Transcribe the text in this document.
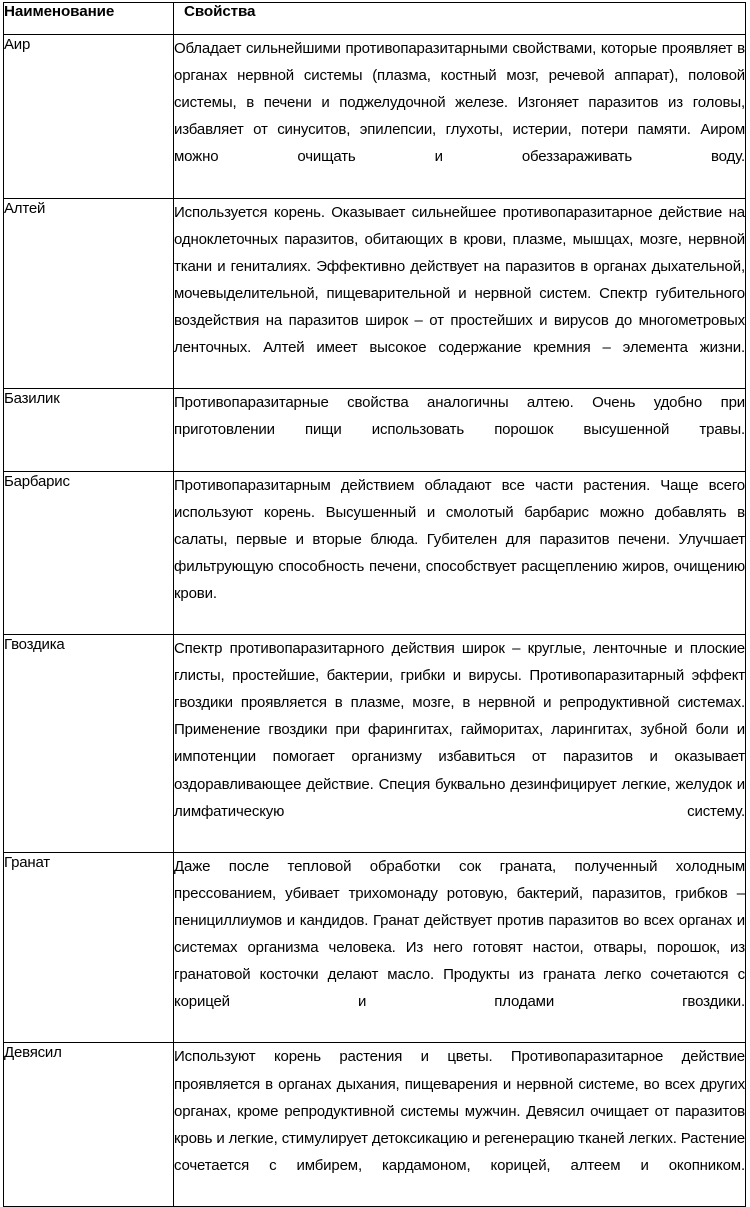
Наименование	Свойства
Аир	Обладает сильнейшими противопаразитарными свойствами, которые проявляет в органах нервной системы (плазма, костный мозг, речевой аппарат), половой системы, в печени и поджелудочной железе. Изгоняет паразитов из головы, избавляет от синуситов, эпилепсии, глухоты, истерии, потери памяти. Аиром можно очищать и обеззараживать воду.

Алтей	Используется корень. Оказывает сильнейшее противопаразитарное действие на одноклеточных паразитов, обитающих в крови, плазме, мышцах, мозге, нервной ткани и гениталиях. Эффективно действует на паразитов в органах дыхательной, мочевыделительной, пищеварительной и нервной систем. Спектр губительного воздействия на паразитов широк – от простейших и вирусов до многометровых ленточных. Алтей имеет высокое содержание кремния – элемента жизни.

Базилик	Противопаразитарные свойства аналогичны алтею. Очень удобно при приготовлении пищи использовать порошок высушенной травы.

Барбарис	Противопаразитарным действием обладают все части растения. Чаще всего используют корень. Высушенный и смолотый барбарис можно добавлять в салаты, первые и вторые блюда. Губителен для паразитов печени. Улучшает фильтрующую способность печени, способствует расщеплению жиров, очищению крови.

Гвоздика	Спектр противопаразитарного действия широк – круглые, ленточные и плоские глисты, простейшие, бактерии, грибки и вирусы. Противопаразитарный эффект гвоздики проявляется в плазме, мозге, в нервной и репродуктивной системах. Применение гвоздики при фарингитах, гайморитах, ларингитах, зубной боли и импотенции помогает организму избавиться от паразитов и оказывает оздоравливающее действие. Специя буквально дезинфицирует легкие, желудок и лимфатическую систему.

Гранат	Даже после тепловой обработки сок граната, полученный холодным прессованием, убивает трихомонаду ротовую, бактерий, паразитов, грибков – пенициллиумов и кандидов. Гранат действует против паразитов во всех органах и системах организма человека. Из него готовят настои, отвары, порошок, из гранатовой косточки делают масло. Продукты из граната легко сочетаются с корицей и плодами гвоздики.

Девясил	Используют корень растения и цветы. Противопаразитарное действие проявляется в органах дыхания, пищеварения и нервной системе, во всех других органах, кроме репродуктивной системы мужчин. Девясил очищает от паразитов кровь и легкие, стимулирует детоксикацию и регенерацию тканей легких. Растение сочетается с имбирем, кардамоном, корицей, алтеем и окопником.
